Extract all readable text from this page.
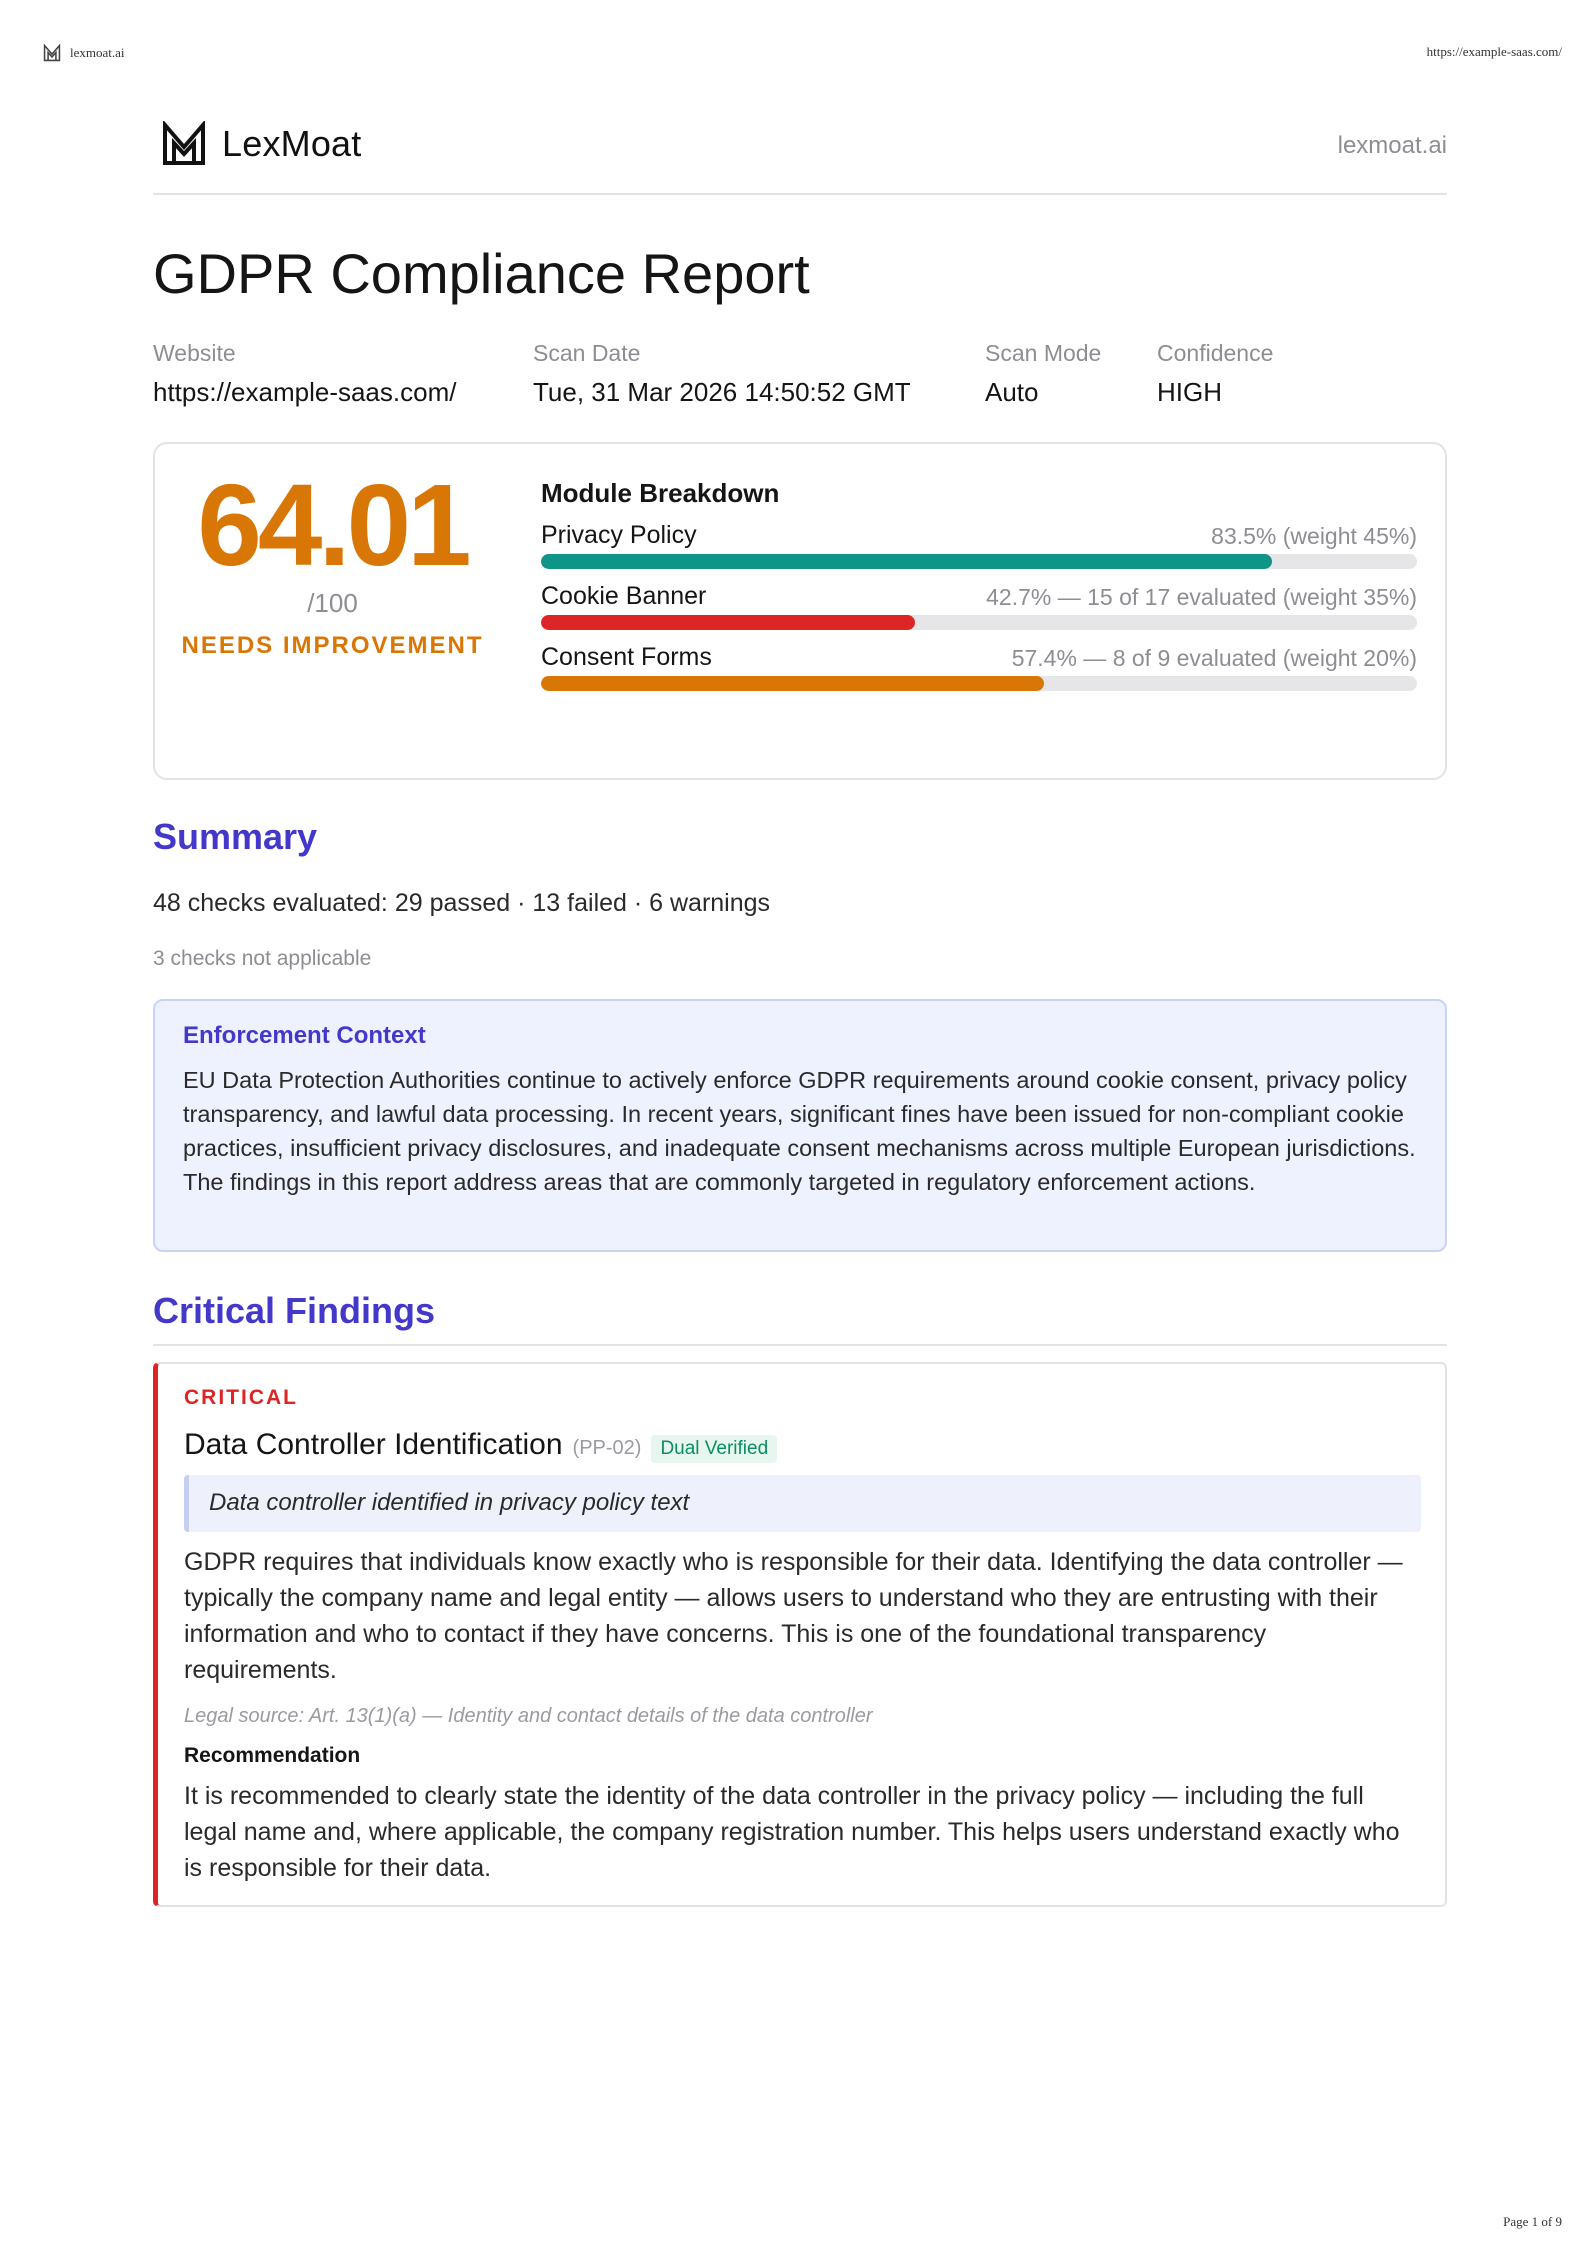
lexmoat.ai	https://example-saas.com/
LexMoat	lexmoat.ai
GDPR Compliance Report
Website
https://example-saas.com/
Scan Date
Tue, 31 Mar 2026 14:50:52 GMT
Scan Mode
Auto
Confidence
HIGH
64.01
/100
NEEDS IMPROVEMENT
Module Breakdown
Privacy Policy	83.5% (weight 45%)
Cookie Banner	42.7% — 15 of 17 evaluated (weight 35%)
Consent Forms	57.4% — 8 of 9 evaluated (weight 20%)
Summary
48 checks evaluated: 29 passed · 13 failed · 6 warnings
3 checks not applicable
Enforcement Context
EU Data Protection Authorities continue to actively enforce GDPR requirements around cookie consent, privacy policy transparency, and lawful data processing. In recent years, significant fines have been issued for non-compliant cookie practices, insufficient privacy disclosures, and inadequate consent mechanisms across multiple European jurisdictions. The findings in this report address areas that are commonly targeted in regulatory enforcement actions.
Critical Findings
CRITICAL
Data Controller Identification (PP-02)	Dual Verified
Data controller identified in privacy policy text
GDPR requires that individuals know exactly who is responsible for their data. Identifying the data controller — typically the company name and legal entity — allows users to understand who they are entrusting with their information and who to contact if they have concerns. This is one of the foundational transparency requirements.
Legal source: Art. 13(1)(a) — Identity and contact details of the data controller
Recommendation
It is recommended to clearly state the identity of the data controller in the privacy policy — including the full legal name and, where applicable, the company registration number. This helps users understand exactly who is responsible for their data.
Page 1 of 9
